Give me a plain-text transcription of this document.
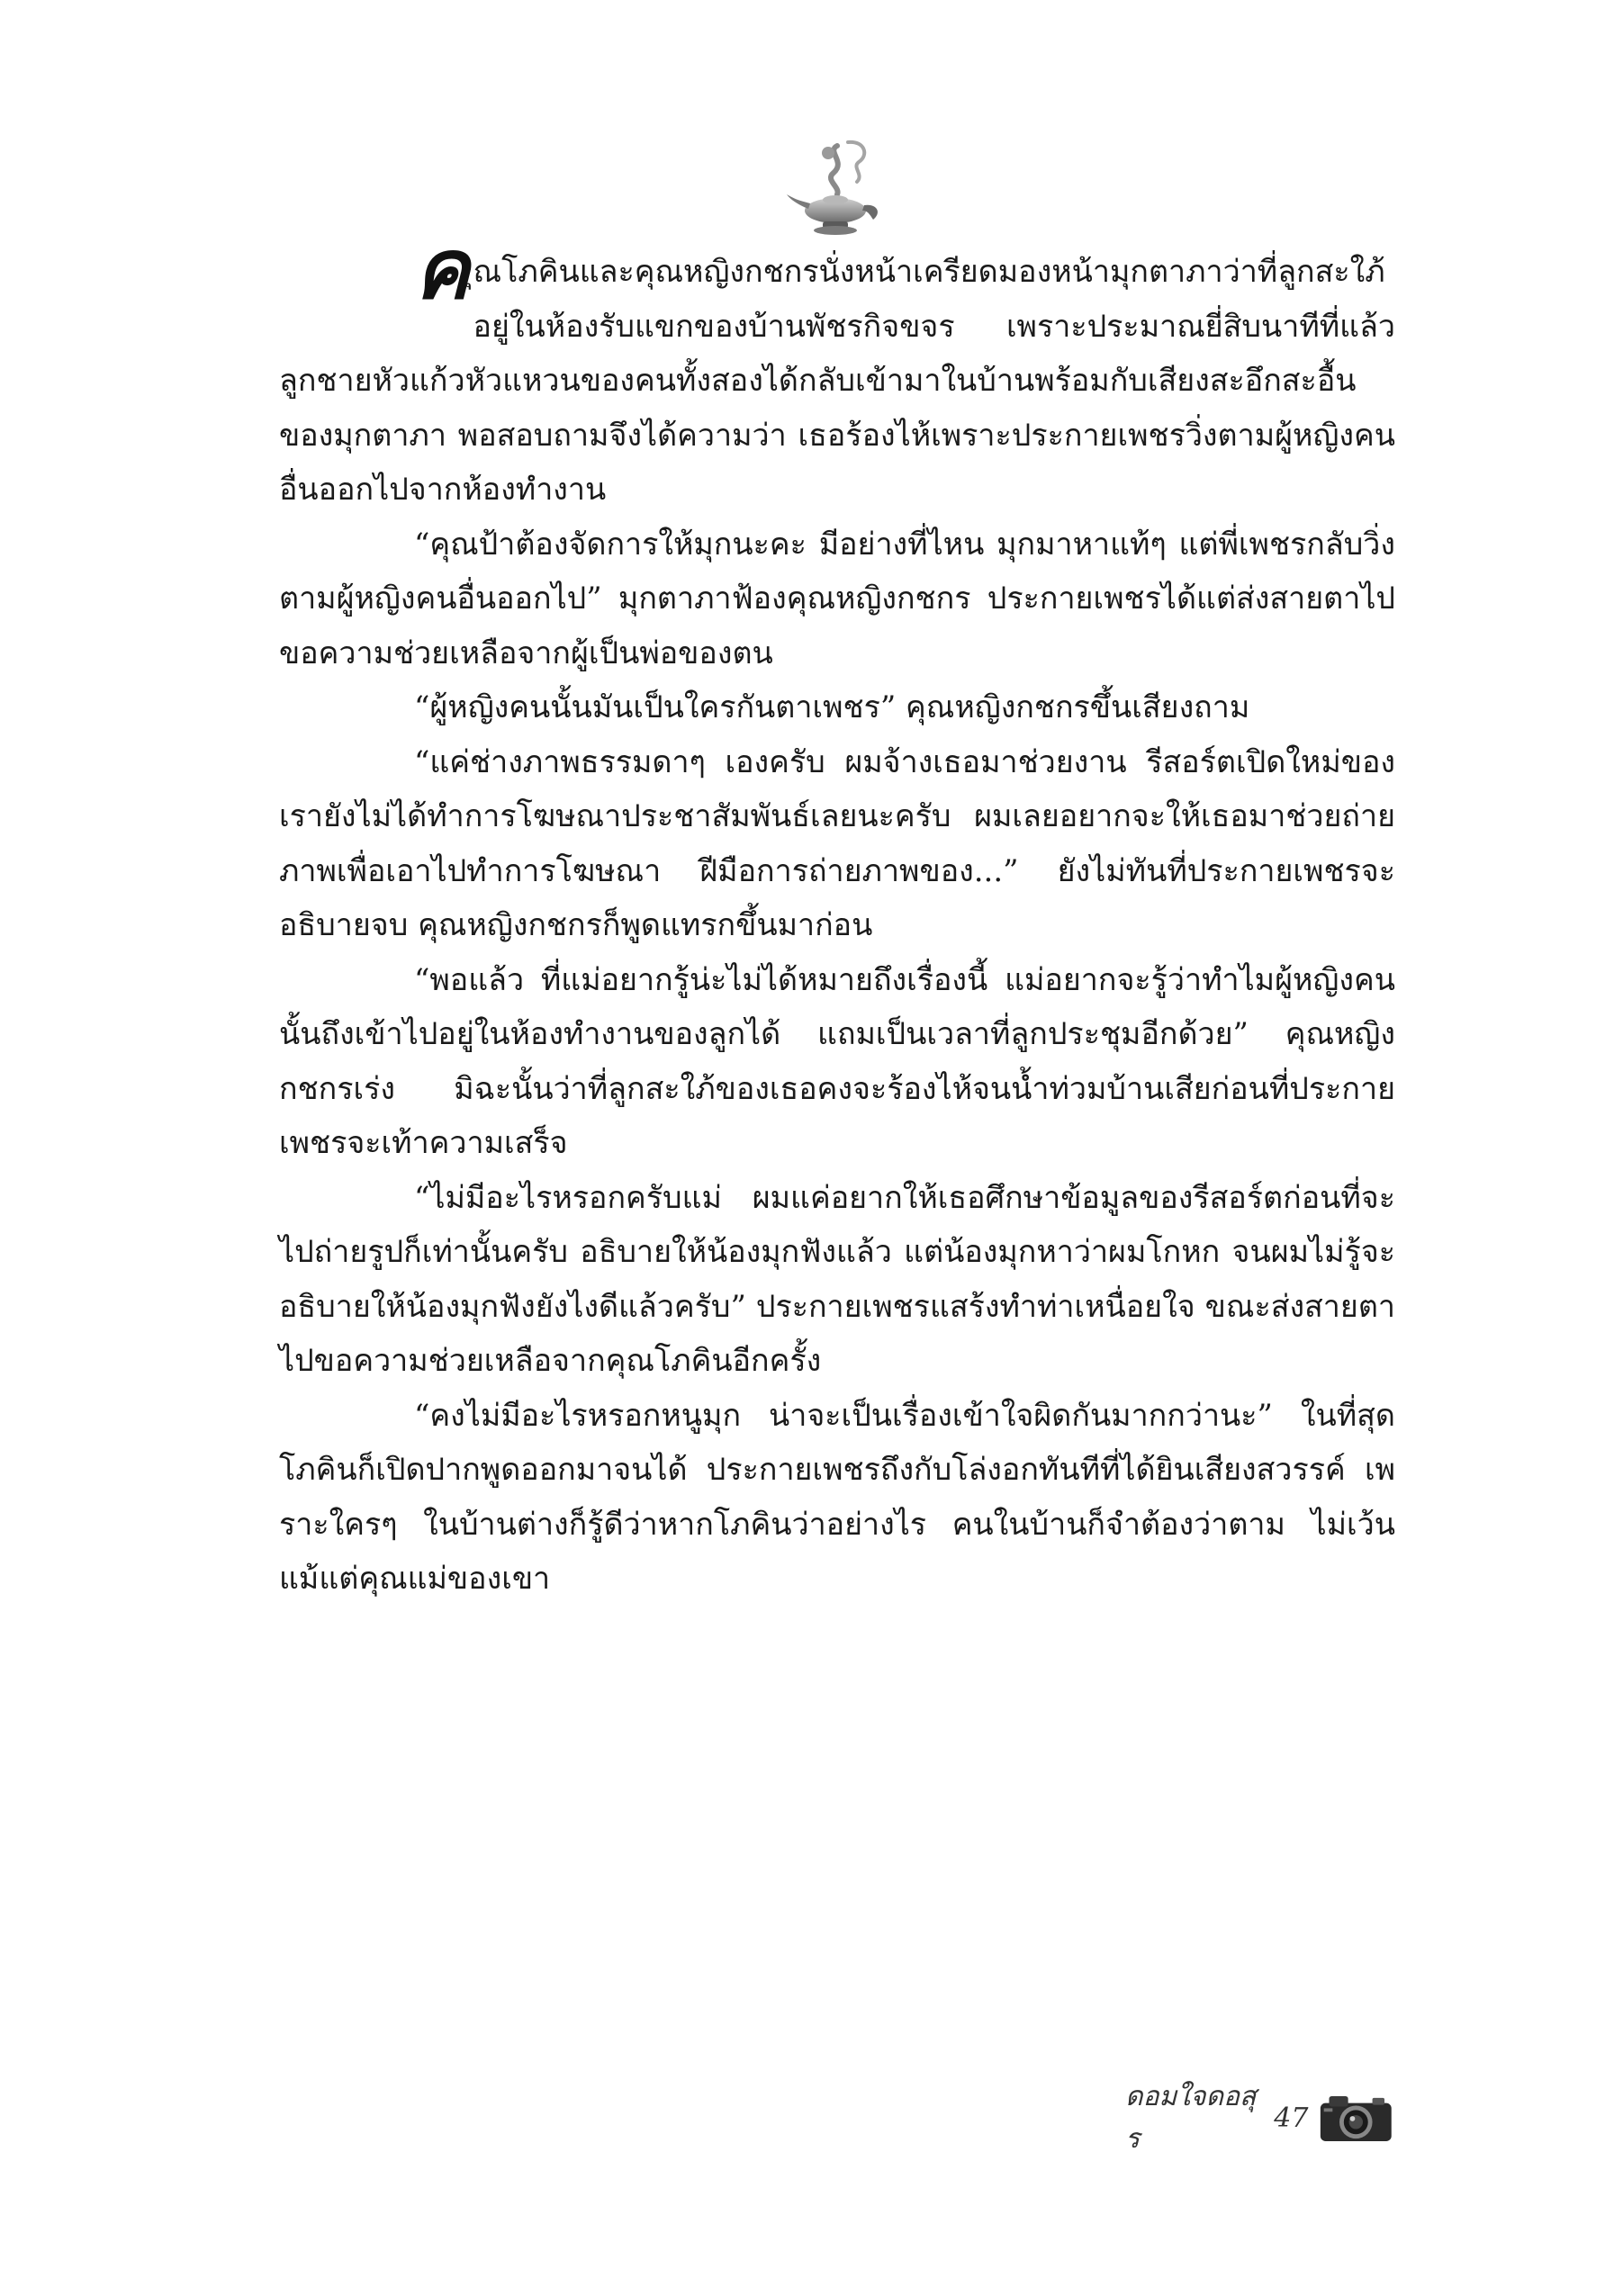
ค ุณโภคินและคุณหญิงกชกรนั่งหน้าเครียดมองหน้ามุกตาภาว่าที่ลูกสะใภ้ อยู่ในห้องรับแขกของบ้านพัชรกิจขจร เพราะประมาณยี่สิบนาทีที่แล้ว ลูกชายหัวแก้วหัวแหวนของคนทั้งสองได้กลับเข้ามาในบ้านพร้อมกับเสียงสะอึกสะอื้นของมุกตาภา พอสอบถามจึงได้ความว่า เธอร้องไห้เพราะประกายเพชรวิ่งตามผู้หญิงคนอื่นออกไปจากห้องทำงาน

“คุณป้าต้องจัดการให้มุกนะคะ มีอย่างที่ไหน มุกมาหาแท้ๆ แต่พี่เพชรกลับวิ่งตามผู้หญิงคนอื่นออกไป” มุกตาภาฟ้องคุณหญิงกชกร ประกายเพชรได้แต่ส่งสายตาไปขอความช่วยเหลือจากผู้เป็นพ่อของตน

“ผู้หญิงคนนั้นมันเป็นใครกันตาเพชร” คุณหญิงกชกรขึ้นเสียงถาม

“แค่ช่างภาพธรรมดาๆ เองครับ ผมจ้างเธอมาช่วยงาน รีสอร์ตเปิดใหม่ของเรายังไม่ได้ทำการโฆษณาประชาสัมพันธ์เลยนะครับ ผมเลยอยากจะให้เธอมาช่วยถ่ายภาพเพื่อเอาไปทำการโฆษณา ฝีมือการถ่ายภาพของ...” ยังไม่ทันที่ประกายเพชรจะอธิบายจบ คุณหญิงกชกรก็พูดแทรกขึ้นมาก่อน

“พอแล้ว ที่แม่อยากรู้น่ะไม่ได้หมายถึงเรื่องนี้ แม่อยากจะรู้ว่าทำไมผู้หญิงคนนั้นถึงเข้าไปอยู่ในห้องทำงานของลูกได้ แถมเป็นเวลาที่ลูกประชุมอีกด้วย” คุณหญิงกชกรเร่ง มิฉะนั้นว่าที่ลูกสะใภ้ของเธอคงจะร้องไห้จนน้ำท่วมบ้านเสียก่อนที่ประกายเพชรจะเท้าความเสร็จ

“ไม่มีอะไรหรอกครับแม่ ผมแค่อยากให้เธอศึกษาข้อมูลของรีสอร์ตก่อนที่จะไปถ่ายรูปก็เท่านั้นครับ อธิบายให้น้องมุกฟังแล้ว แต่น้องมุกหาว่าผมโกหก จนผมไม่รู้จะอธิบายให้น้องมุกฟังยังไงดีแล้วครับ” ประกายเพชรแสร้งทำท่าเหนื่อยใจ ขณะส่งสายตาไปขอความช่วยเหลือจากคุณโภคินอีกครั้ง

“คงไม่มีอะไรหรอกหนูมุก น่าจะเป็นเรื่องเข้าใจผิดกันมากกว่านะ” ในที่สุดโภคินก็เปิดปากพูดออกมาจนได้ ประกายเพชรถึงกับโล่งอกทันทีที่ได้ยินเสียงสวรรค์ เพราะใครๆ ในบ้านต่างก็รู้ดีว่าหากโภคินว่าอย่างไร คนในบ้านก็จำต้องว่าตาม ไม่เว้นแม้แต่คุณแม่ของเขา

ดอมใจดอสุร
47
